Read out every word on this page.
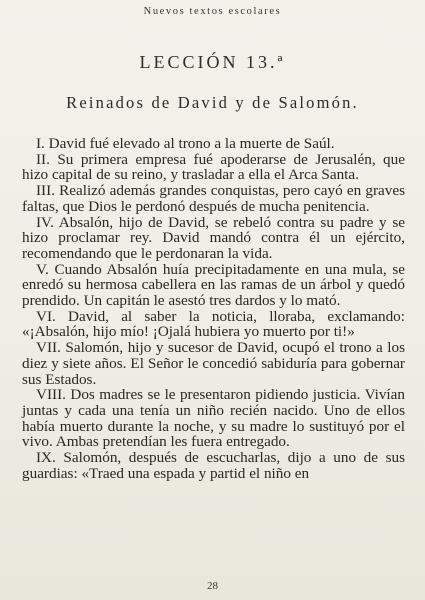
Nuevos textos escolares
LECCIÓN 13.ª
Reinados de David y de Salomón.

I. David fué elevado al trono a la muerte de Saúl.

II. Su primera empresa fué apoderarse de Jerusalén, que hizo capital de su reino, y trasladar a ella el Arca Santa.

III. Realizó además grandes conquistas, pero cayó en graves faltas, que Dios le perdonó después de mucha penitencia.

IV. Absalón, hijo de David, se rebeló contra su padre y se hizo proclamar rey. David mandó contra él un ejército, recomendando que le perdonaran la vida.

V. Cuando Absalón huía precipitadamente en una mula, se enredó su hermosa cabellera en las ramas de un árbol y quedó prendido. Un capitán le asestó tres dardos y lo mató.

VI. David, al saber la noticia, lloraba, exclamando: «¡Absalón, hijo mío! ¡Ojalá hubiera yo muerto por ti!»

VII. Salomón, hijo y sucesor de David, ocupó el trono a los diez y siete años. El Señor le concedió sabiduría para gobernar sus Estados.

VIII. Dos madres se le presentaron pidiendo justicia. Vivían juntas y cada una tenía un niño recién nacido. Uno de ellos había muerto durante la noche, y su madre lo sustituyó por el vivo. Ambas pretendían les fuera entregado.

IX. Salomón, después de escucharlas, dijo a uno de sus guardias: «Traed una espada y partid el niño en

28
